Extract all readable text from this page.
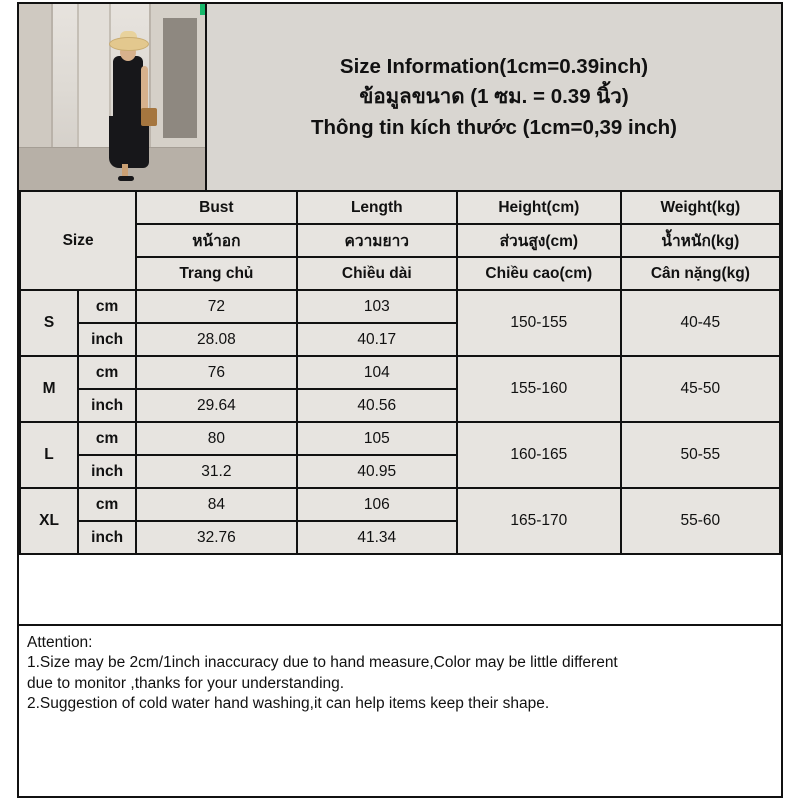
Size Information(1cm=0.39inch)
ข้อมูลขนาด (1 ซม. = 0.39 นิ้ว)
Thông tin kích thước (1cm=0,39 inch)
Size		Bust	Length	Height(cm)	Weight(kg)
		หน้าอก	ความยาว	ส่วนสูง(cm)	น้ำหนัก(kg)
		Trang chủ	Chiều dài	Chiều cao(cm)	Cân nặng(kg)
S	cm	72	103	150-155	40-45
	inch	28.08	40.17		
M	cm	76	104	155-160	45-50
	inch	29.64	40.56		
L	cm	80	105	160-165	50-55
	inch	31.2	40.95		
XL	cm	84	106	165-170	55-60
	inch	32.76	41.34		

Attention:

1.Size may be 2cm/1inch inaccuracy due to hand measure,Color may be little different

due to monitor ,thanks for your understanding.

2.Suggestion of cold water hand washing,it can help items keep their shape.
